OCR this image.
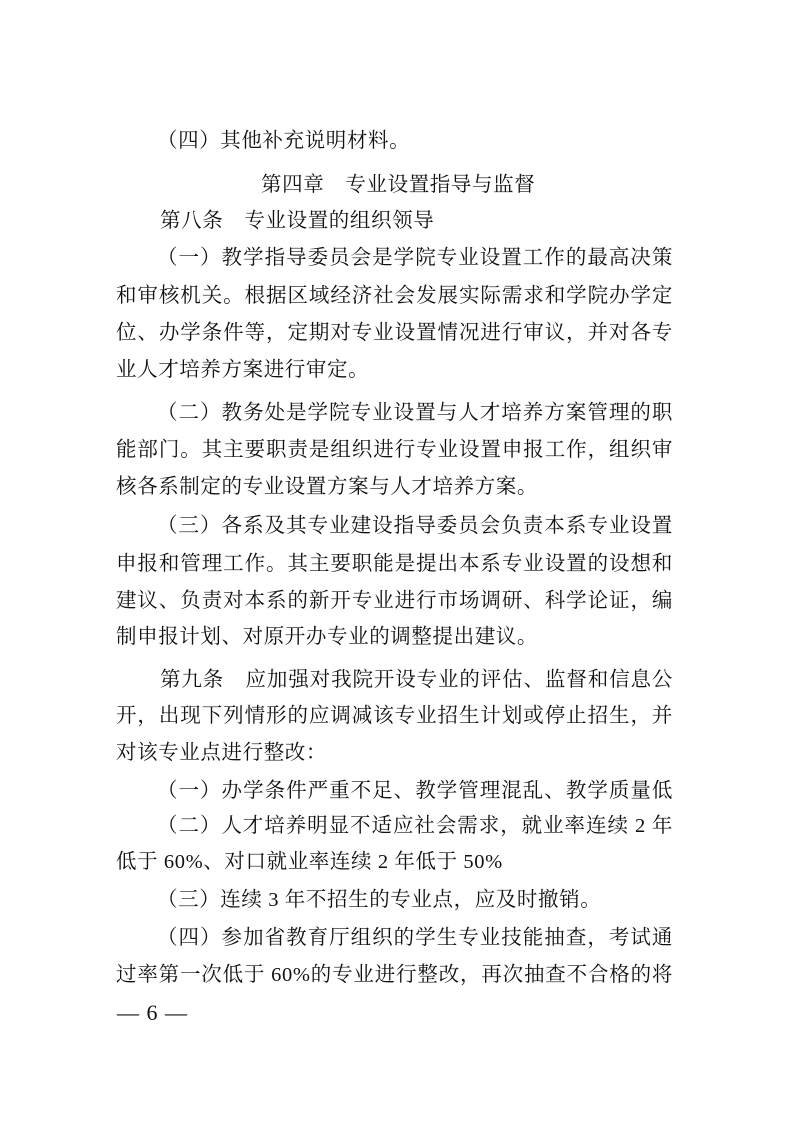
（四）其他补充说明材料。
第四章　专业设置指导与监督
第八条　专业设置的组织领导
（一）教学指导委员会是学院专业设置工作的最高决策
和审核机关。根据区域经济社会发展实际需求和学院办学定
位、办学条件等，定期对专业设置情况进行审议，并对各专
业人才培养方案进行审定。
（二）教务处是学院专业设置与人才培养方案管理的职
能部门。其主要职责是组织进行专业设置申报工作，组织审
核各系制定的专业设置方案与人才培养方案。
（三）各系及其专业建设指导委员会负责本系专业设置
申报和管理工作。其主要职能是提出本系专业设置的设想和
建议、负责对本系的新开专业进行市场调研、科学论证，编
制申报计划、对原开办专业的调整提出建议。
第九条　应加强对我院开设专业的评估、监督和信息公
开，出现下列情形的应调减该专业招生计划或停止招生，并
对该专业点进行整改：
（一）办学条件严重不足、教学管理混乱、教学质量低
（二）人才培养明显不适应社会需求，就业率连续 2 年
低于 60%、对口就业率连续 2 年低于 50%
（三）连续 3 年不招生的专业点，应及时撤销。
（四）参加省教育厅组织的学生专业技能抽查，考试通
过率第一次低于 60%的专业进行整改，再次抽查不合格的将
— 6 —
